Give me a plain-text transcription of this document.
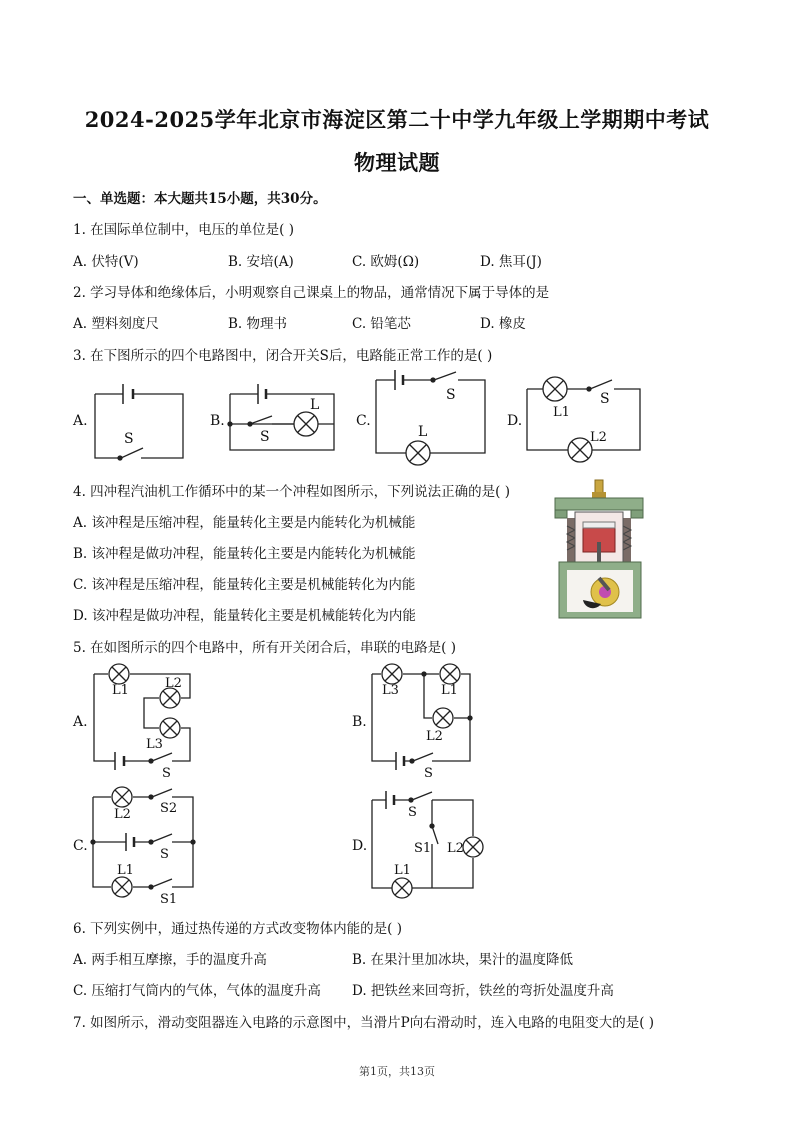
2024-2025学年北京市海淀区第二十中学九年级上学期期中考试
物理试题
一、单选题：本大题共15小题，共30分。
1. 在国际单位制中，电压的单位是( )
A. 伏特(V)	B. 安培(A)	C. 欧姆(Ω)	D. 焦耳(J)
2. 学习导体和绝缘体后，小明观察自己课桌上的物品，通常情况下属于导体的是
A. 塑料刻度尺	B. 物理书	C. 铅笔芯	D. 橡皮
3. 在下图所示的四个电路图中，闭合开关S后，电路能正常工作的是( )
A.
S
B.
S
L
C.
S
L
D.
S
L1
L2
4. 四冲程汽油机工作循环中的某一个冲程如图所示，下列说法正确的是( )
A. 该冲程是压缩冲程，能量转化主要是内能转化为机械能
B. 该冲程是做功冲程，能量转化主要是内能转化为机械能
C. 该冲程是压缩冲程，能量转化主要是机械能转化为内能
D. 该冲程是做功冲程，能量转化主要是机械能转化为内能
5. 在如图所示的四个电路中，所有开关闭合后，串联的电路是( )
A.
L1	L2
L3
S
B.
L3	L1
L2
S
C.
L2 S2
S
L1
S1
D.
S
S1 L2
L1
6. 下列实例中，通过热传递的方式改变物体内能的是( )
A. 两手相互摩擦，手的温度升高	B. 在果汁里加冰块，果汁的温度降低
C. 压缩打气筒内的气体，气体的温度升高 D. 把铁丝来回弯折，铁丝的弯折处温度升高
7. 如图所示，滑动变阻器连入电路的示意图中，当滑片P向右滑动时，连入电路的电阻变大的是( )
第1页，共13页
